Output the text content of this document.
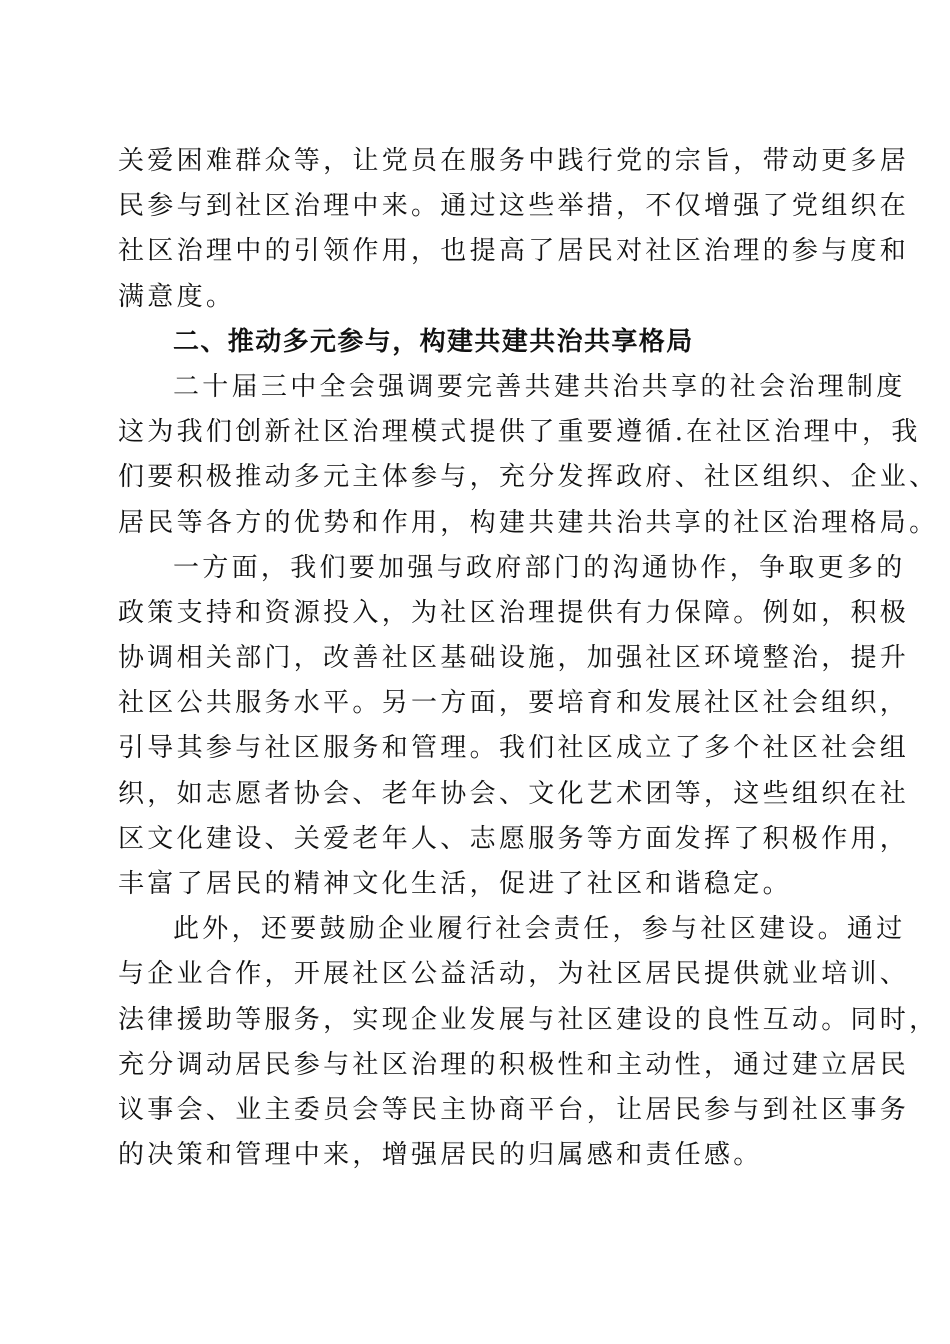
关爱困难群众等，让党员在服务中践行党的宗旨，带动更多居
民参与到社区治理中来。通过这些举措，不仅增强了党组织在
社区治理中的引领作用，也提高了居民对社区治理的参与度和
满意度。
二、推动多元参与，构建共建共治共享格局
二十届三中全会强调要完善共建共治共享的社会治理制度
这为我们创新社区治理模式提供了重要遵循.在社区治理中，我
们要积极推动多元主体参与，充分发挥政府、社区组织、企业、
居民等各方的优势和作用，构建共建共治共享的社区治理格局。
一方面，我们要加强与政府部门的沟通协作，争取更多的
政策支持和资源投入，为社区治理提供有力保障。例如，积极
协调相关部门，改善社区基础设施，加强社区环境整治，提升
社区公共服务水平。另一方面，要培育和发展社区社会组织，
引导其参与社区服务和管理。我们社区成立了多个社区社会组
织，如志愿者协会、老年协会、文化艺术团等，这些组织在社
区文化建设、关爱老年人、志愿服务等方面发挥了积极作用，
丰富了居民的精神文化生活，促进了社区和谐稳定。
此外，还要鼓励企业履行社会责任，参与社区建设。通过
与企业合作，开展社区公益活动，为社区居民提供就业培训、
法律援助等服务，实现企业发展与社区建设的良性互动。同时，
充分调动居民参与社区治理的积极性和主动性，通过建立居民
议事会、业主委员会等民主协商平台，让居民参与到社区事务
的决策和管理中来，增强居民的归属感和责任感。
